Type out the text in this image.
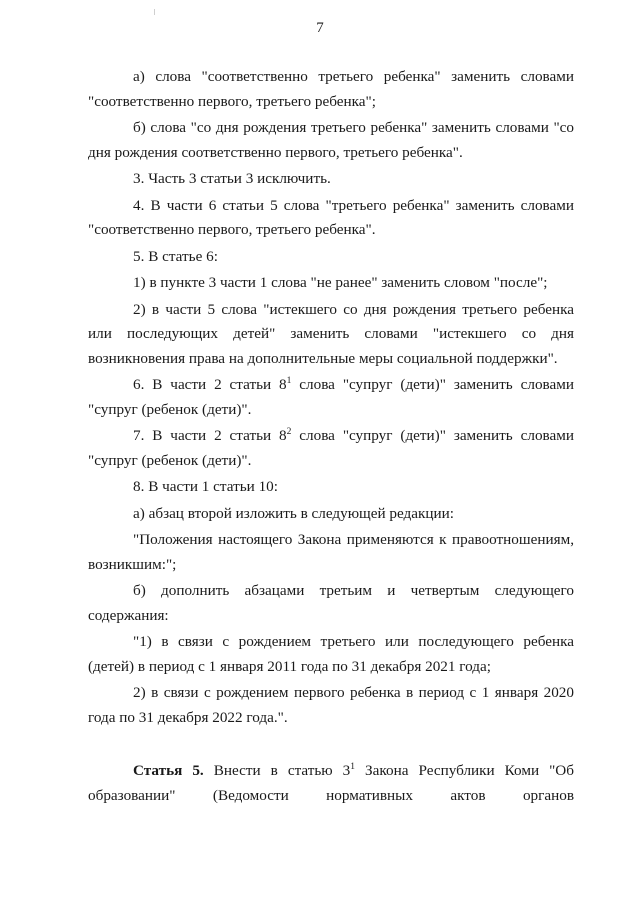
7

а) слова "соответственно третьего ребенка" заменить словами "соответственно первого, третьего ребенка";

б) слова "со дня рождения третьего ребенка" заменить словами "со дня рождения соответственно первого, третьего ребенка".

3. Часть 3 статьи 3 исключить.

4. В части 6 статьи 5 слова "третьего ребенка" заменить словами "соответственно первого, третьего ребенка".

5. В статье 6:

1) в пункте 3 части 1 слова "не ранее" заменить словом "после";

2) в части 5 слова "истекшего со дня рождения третьего ребенка или последующих детей" заменить словами "истекшего со дня возникновения права на дополнительные меры социальной поддержки".

6. В части 2 статьи $8^1$ слова "супруг (дети)" заменить словами "супруг (ребенок (дети)".

7. В части 2 статьи $8^2$ слова "супруг (дети)" заменить словами "супруг (ребенок (дети)".

8. В части 1 статьи 10:

а) абзац второй изложить в следующей редакции:

"Положения настоящего Закона применяются к правоотношениям, возникшим:";

б) дополнить абзацами третьим и четвертым следующего содержания:

"1) в связи с рождением третьего или последующего ребенка (детей) в период с 1 января 2011 года по 31 декабря 2021 года;

2) в связи с рождением первого ребенка в период с 1 января 2020 года по 31 декабря 2022 года.".

Статья 5. Внести в статью $3^1$ Закона Республики Коми "Об образовании" (Ведомости нормативных актов органов
